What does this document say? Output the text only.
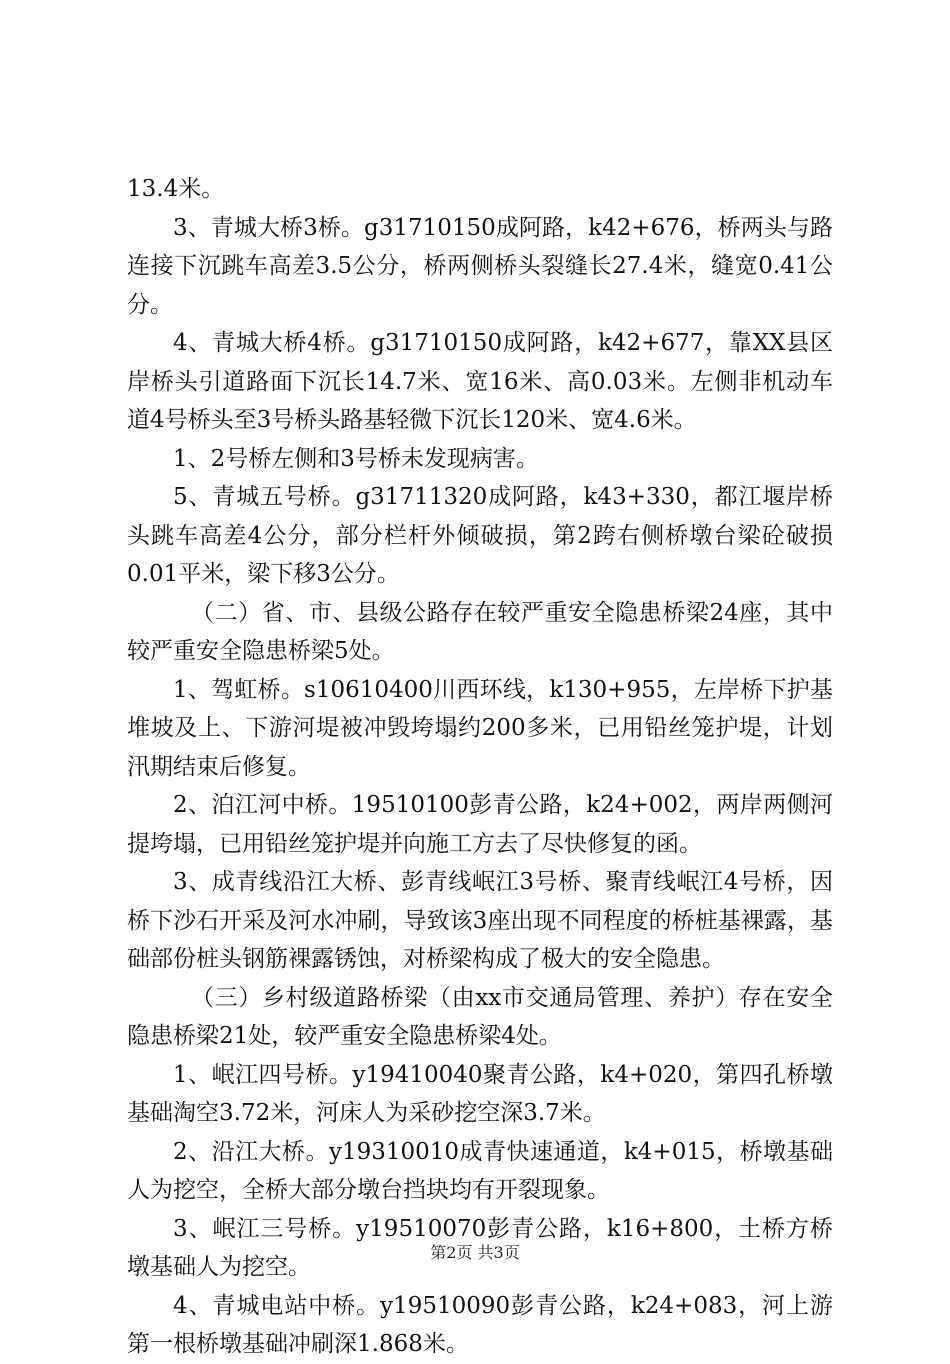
13.4米。

3、青城大桥3桥。g31710150成阿路，k42+676，桥两头与路连接下沉跳车高差3.5公分，桥两侧桥头裂缝长27.4米，缝宽0.41公分。

4、青城大桥4桥。g31710150成阿路，k42+677，靠XX县区岸桥头引道路面下沉长14.7米、宽16米、高0.03米。左侧非机动车道4号桥头至3号桥头路基轻微下沉长120米、宽4.6米。

1、2号桥左侧和3号桥未发现病害。

5、青城五号桥。g31711320成阿路，k43+330，都江堰岸桥头跳车高差4公分，部分栏杆外倾破损，第2跨右侧桥墩台梁砼破损0.01平米，梁下移3公分。

（二）省、市、县级公路存在较严重安全隐患桥梁24座，其中较严重安全隐患桥梁5处。

1、驾虹桥。s10610400川西环线，k130+955，左岸桥下护基堆坡及上、下游河堤被冲毁垮塌约200多米，已用铅丝笼护堤，计划汛期结束后修复。

2、泊江河中桥。19510100彭青公路，k24+002，两岸两侧河提垮塌，已用铅丝笼护堤并向施工方去了尽快修复的函。

3、成青线沿江大桥、彭青线岷江3号桥、聚青线岷江4号桥，因桥下沙石开采及河水冲刷，导致该3座出现不同程度的桥桩基裸露，基础部份桩头钢筋裸露锈蚀，对桥梁构成了极大的安全隐患。

（三）乡村级道路桥梁（由xx市交通局管理、养护）存在安全隐患桥梁21处，较严重安全隐患桥梁4处。

1、岷江四号桥。y19410040聚青公路，k4+020，第四孔桥墩基础淘空3.72米，河床人为采砂挖空深3.7米。

2、沿江大桥。y19310010成青快速通道，k4+015，桥墩基础人为挖空，全桥大部分墩台挡块均有开裂现象。

3、岷江三号桥。y19510070彭青公路，k16+800，土桥方桥墩基础人为挖空。

4、青城电站中桥。y19510090彭青公路，k24+083，河上游第一根桥墩基础冲刷深1.868米。

第2页 共3页
